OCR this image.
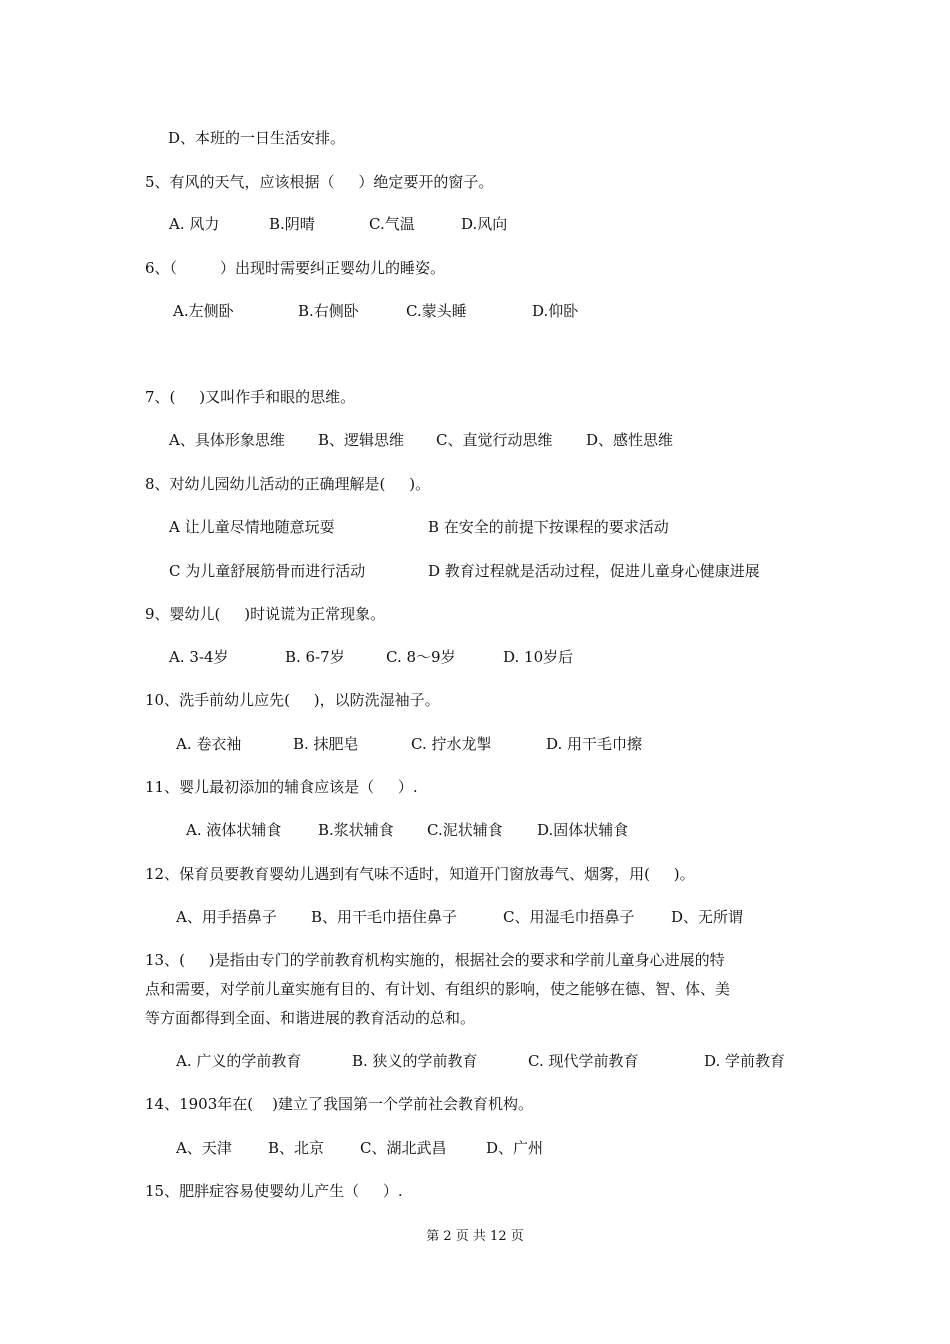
D、本班的一日生活安排。
5、有风的天气，应该根据（     ）绝定要开的窗子。

A. 风力

	B.阴晴

	C.气温

	D.风向

6、（         ）出现时需要纠正婴幼儿的睡姿。

A.左侧卧

	B.右侧卧

	C.蒙头睡

	D.仰卧

7、(     )又叫作手和眼的思维。

A、具体形象思维

B、逻辑思维

C、直觉行动思维

D、感性思维

8、对幼儿园幼儿活动的正确理解是(     )。

A 让儿童尽情地随意玩耍

	B 在安全的前提下按课程的要求活动

C 为儿童舒展筋骨而进行活动

	D 教育过程就是活动过程，促进儿童身心健康进展

9、婴幼儿(     )时说谎为正常现象。

A. 3-4岁

	B. 6-7岁

	C. 8～9岁

	D. 10岁后

10、洗手前幼儿应先(     )，以防洗湿袖子。

A. 卷衣袖

	B. 抹肥皂

	C. 拧水龙掣

	D. 用干毛巾擦

11、婴儿最初添加的辅食应该是（     ）.

A. 液体状辅食

B.浆状辅食

C.泥状辅食

D.固体状辅食

12、保育员要教育婴幼儿遇到有气味不适时，知道开门窗放毒气、烟雾，用(     )。

A、用手捂鼻子

B、用干毛巾捂住鼻子

	C、用湿毛巾捂鼻子

D、无所谓

13、(     )是指由专门的学前教育机构实施的，根据社会的要求和学前儿童身心进展的特
点和需要，对学前儿童实施有目的、有计划、有组织的影响，使之能够在德、智、体、美
等方面都得到全面、和谐进展的教育活动的总和。

A. 广义的学前教育

	B. 狭义的学前教育

	C. 现代学前教育

	D. 学前教育

14、1903年在(    )建立了我国第一个学前社会教育机构。

A、天津

B、北京

C、湖北武昌

	D、广州

15、肥胖症容易使婴幼儿产生（     ）.
第 2 页 共 12 页
